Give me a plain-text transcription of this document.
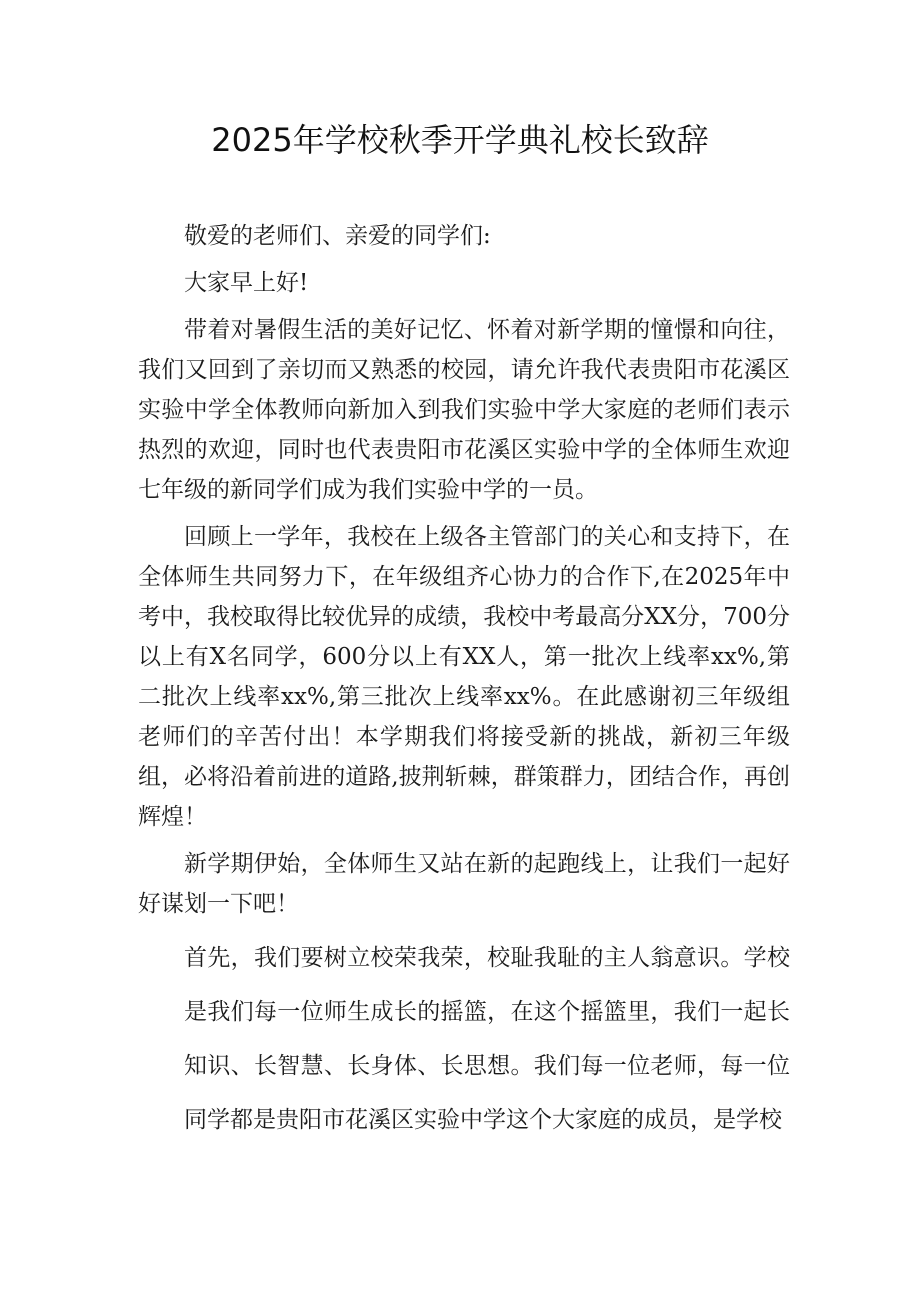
2025年学校秋季开学典礼校长致辞

敬爱的老师们、亲爱的同学们:

大家早上好!

带着对暑假生活的美好记忆、怀着对新学期的憧憬和向往，我们又回到了亲切而又熟悉的校园，请允许我代表贵阳市花溪区实验中学全体教师向新加入到我们实验中学大家庭的老师们表示热烈的欢迎，同时也代表贵阳市花溪区实验中学的全体师生欢迎七年级的新同学们成为我们实验中学的一员。

回顾上一学年，我校在上级各主管部门的关心和支持下，在全体师生共同努力下，在年级组齐心协力的合作下,在2025年中考中，我校取得比较优异的成绩，我校中考最高分XX分，700分以上有X名同学，600分以上有XX人，第一批次上线率xx%,第二批次上线率xx%,第三批次上线率xx%。在此感谢初三年级组老师们的辛苦付出！本学期我们将接受新的挑战，新初三年级组，必将沿着前进的道路,披荆斩棘，群策群力，团结合作，再创辉煌！

新学期伊始，全体师生又站在新的起跑线上，让我们一起好好谋划一下吧！

首先，我们要树立校荣我荣，校耻我耻的主人翁意识。学校是我们每一位师生成长的摇篮，在这个摇篮里，我们一起长知识、长智慧、长身体、长思想。我们每一位老师，每一位同学都是贵阳市花溪区实验中学这个大家庭的成员，是学校
